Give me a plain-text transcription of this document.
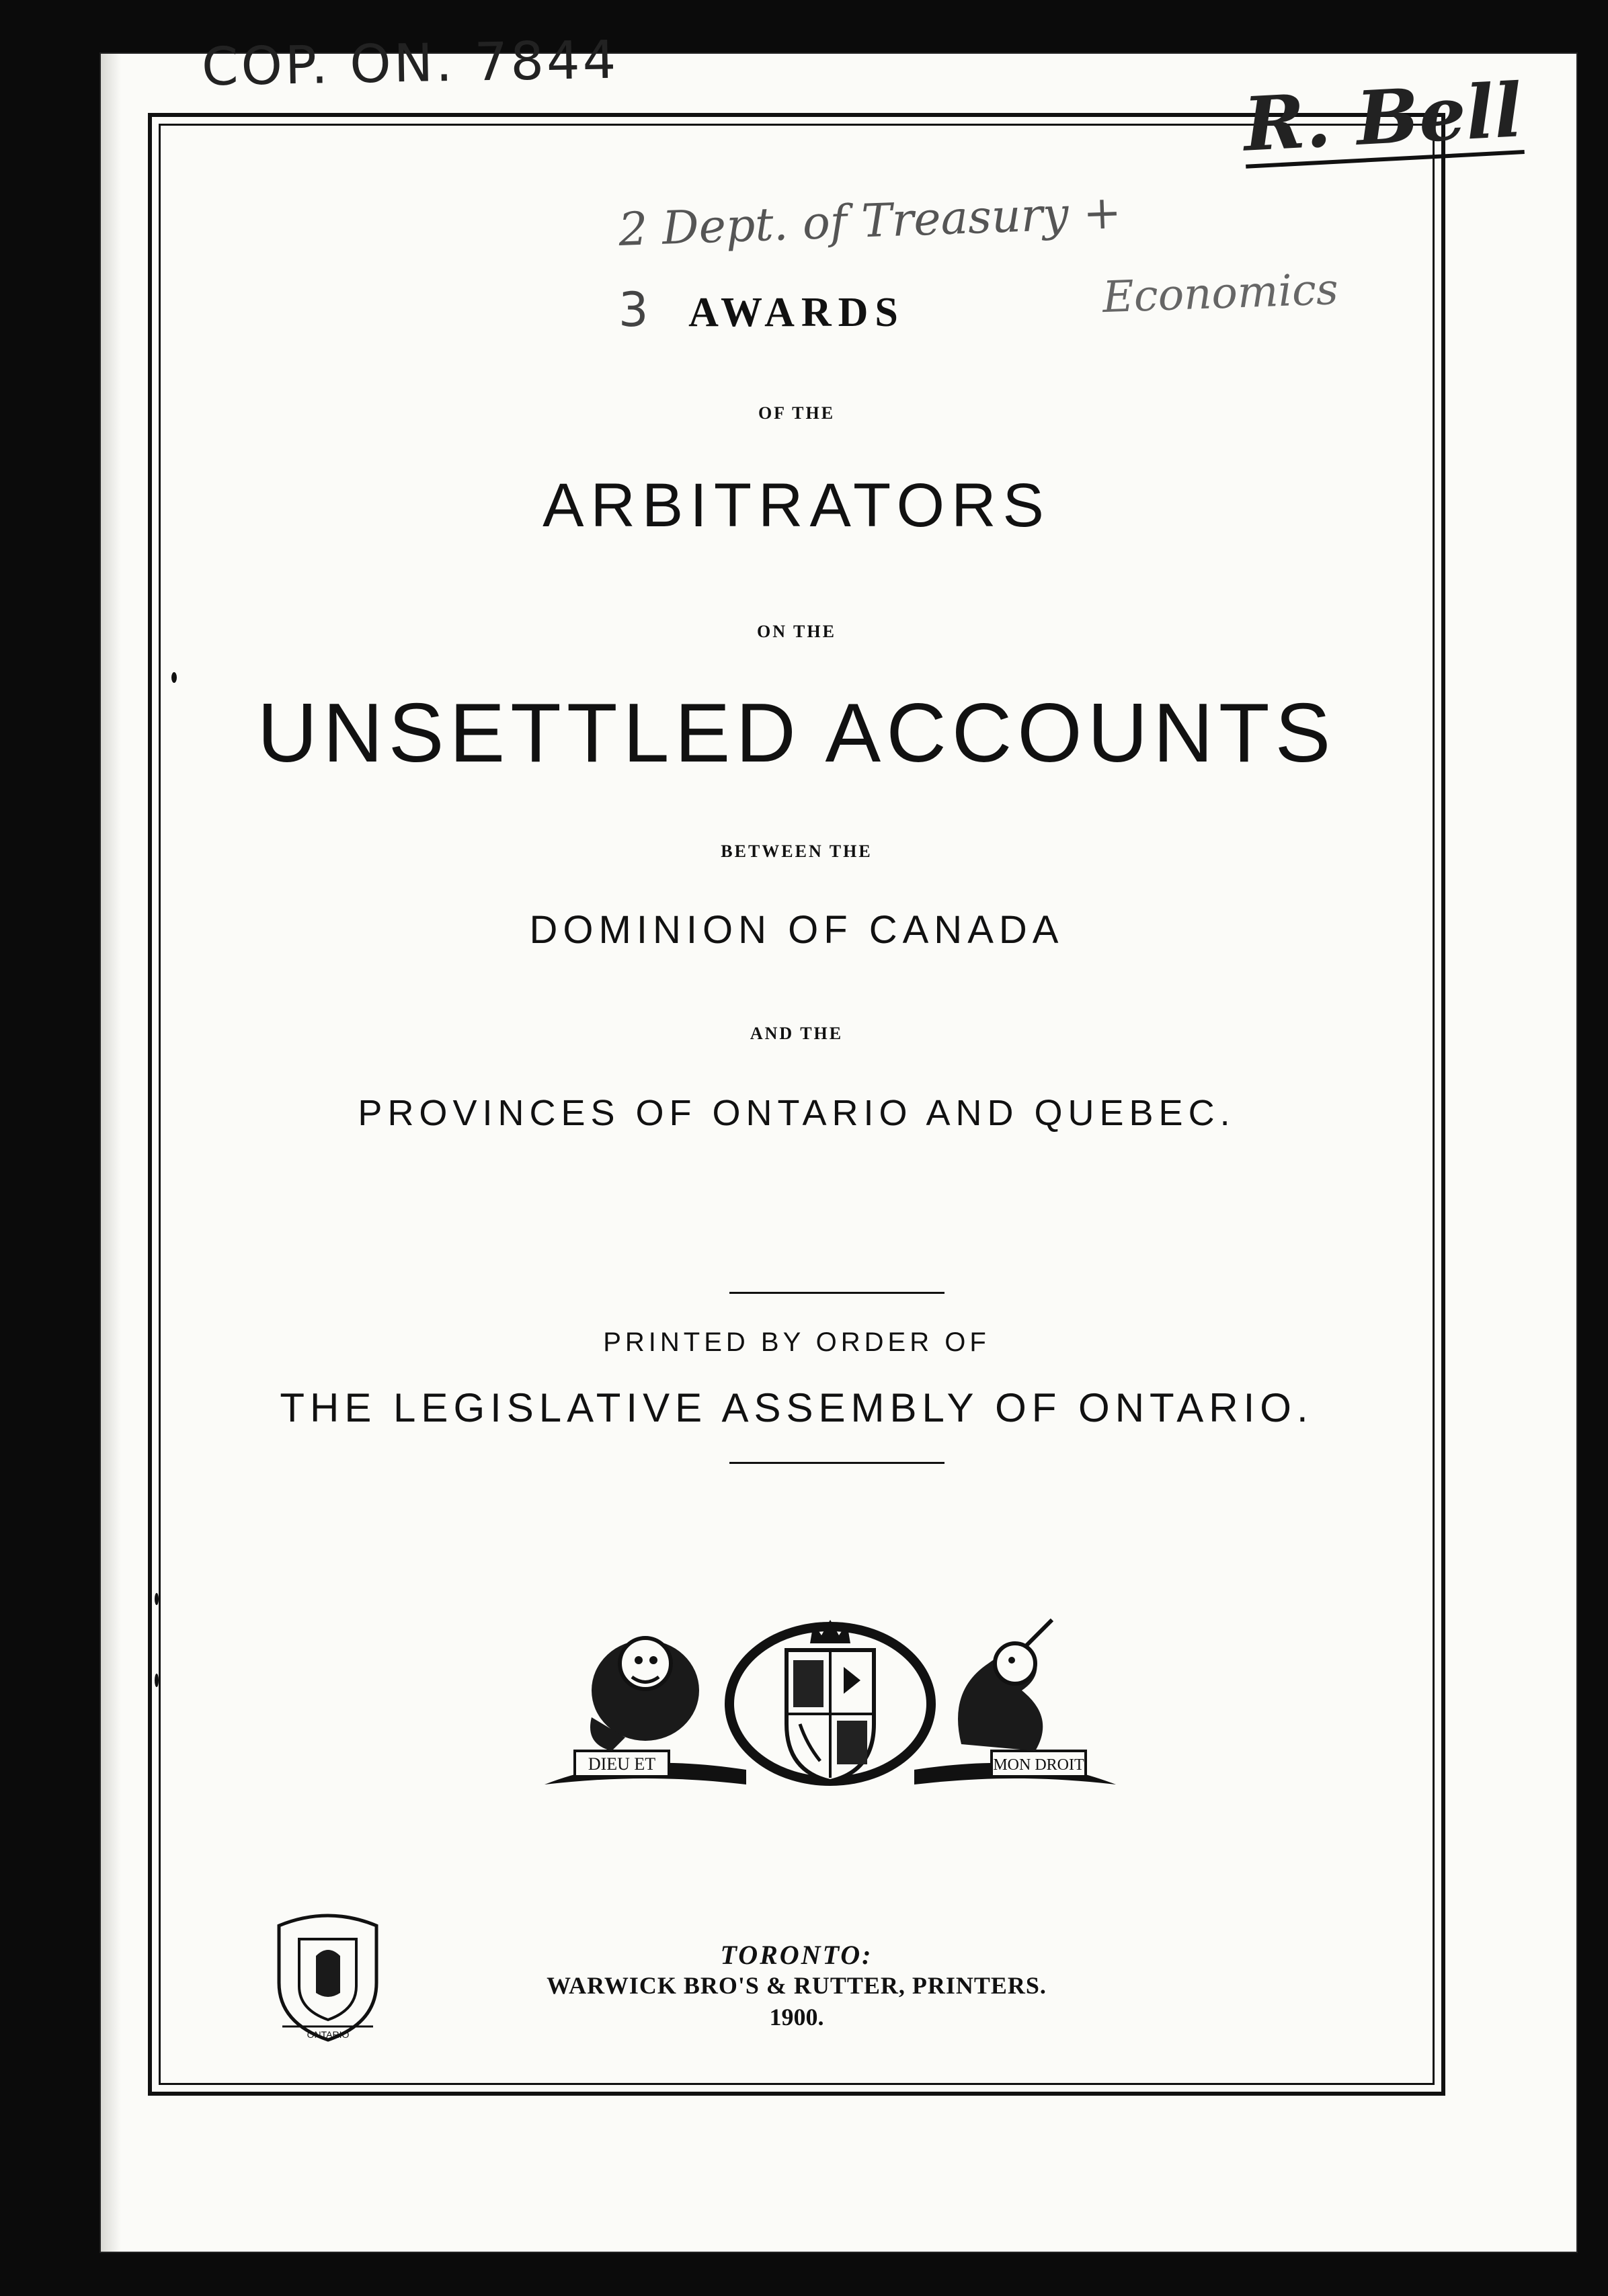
COP. ON. 7844
R. Bell
2 Dept. of Treasury +
Economics
3 AWARDS
OF THE
ARBITRATORS
ON THE
UNSETTLED ACCOUNTS
BETWEEN THE
DOMINION OF CANADA
AND THE
PROVINCES OF ONTARIO AND QUEBEC.
PRINTED BY ORDER OF
THE LEGISLATIVE ASSEMBLY OF ONTARIO.
DIEU ET	MON DROIT
ONTARIO
TORONTO:
WARWICK BRO'S & RUTTER, PRINTERS.
1900.
